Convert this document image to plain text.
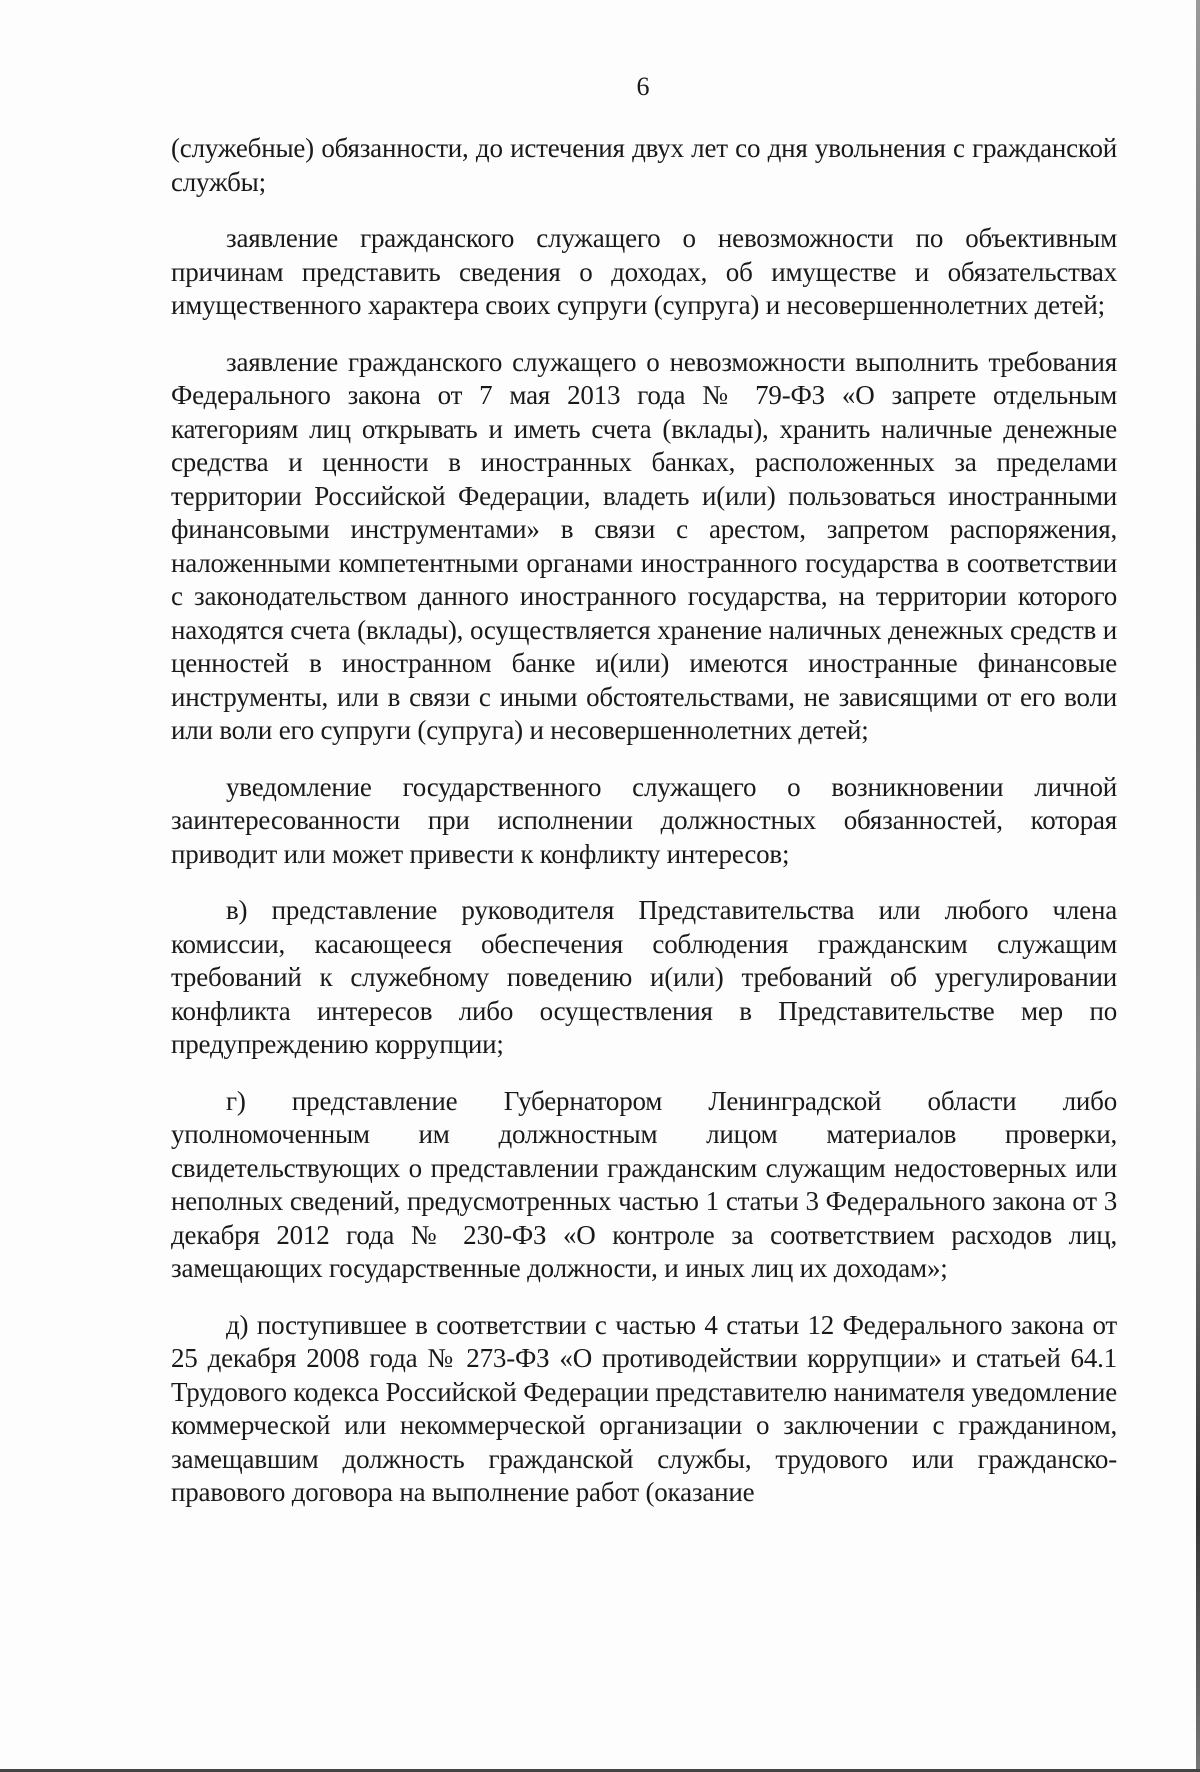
6

(служебные) обязанности, до истечения двух лет со дня увольнения с гражданской службы;

заявление гражданского служащего о невозможности по объективным причинам представить сведения о доходах, об имуществе и обязательствах имущественного характера своих супруги (супруга) и несовершеннолетних детей;

заявление гражданского служащего о невозможности выполнить требования Федерального закона от 7 мая 2013 года № 79-ФЗ «О запрете отдельным категориям лиц открывать и иметь счета (вклады), хранить наличные денежные средства и ценности в иностранных банках, расположенных за пределами территории Российской Федерации, владеть и(или) пользоваться иностранными финансовыми инструментами» в связи с арестом, запретом распоряжения, наложенными компетентными органами иностранного государства в соответствии с законодательством данного иностранного государства, на территории которого находятся счета (вклады), осуществляется хранение наличных денежных средств и ценностей в иностранном банке и(или) имеются иностранные финансовые инструменты, или в связи с иными обстоятельствами, не зависящими от его воли или воли его супруги (супруга) и несовершеннолетних детей;

уведомление государственного служащего о возникновении личной заинтересованности при исполнении должностных обязанностей, которая приводит или может привести к конфликту интересов;

в) представление руководителя Представительства или любого члена комиссии, касающееся обеспечения соблюдения гражданским служащим требований к служебному поведению и(или) требований об урегулировании конфликта интересов либо осуществления в Представительстве мер по предупреждению коррупции;

г) представление Губернатором Ленинградской области либо уполномоченным им должностным лицом материалов проверки, свидетельствующих о представлении гражданским служащим недостоверных или неполных сведений, предусмотренных частью 1 статьи 3 Федерального закона от 3 декабря 2012 года № 230-ФЗ «О контроле за соответствием расходов лиц, замещающих государственные должности, и иных лиц их доходам»;

д) поступившее в соответствии с частью 4 статьи 12 Федерального закона от 25 декабря 2008 года № 273-ФЗ «О противодействии коррупции» и статьей 64.1 Трудового кодекса Российской Федерации представителю нанимателя уведомление коммерческой или некоммерческой организации о заключении с гражданином, замещавшим должность гражданской службы, трудового или гражданско-правового договора на выполнение работ (оказание
